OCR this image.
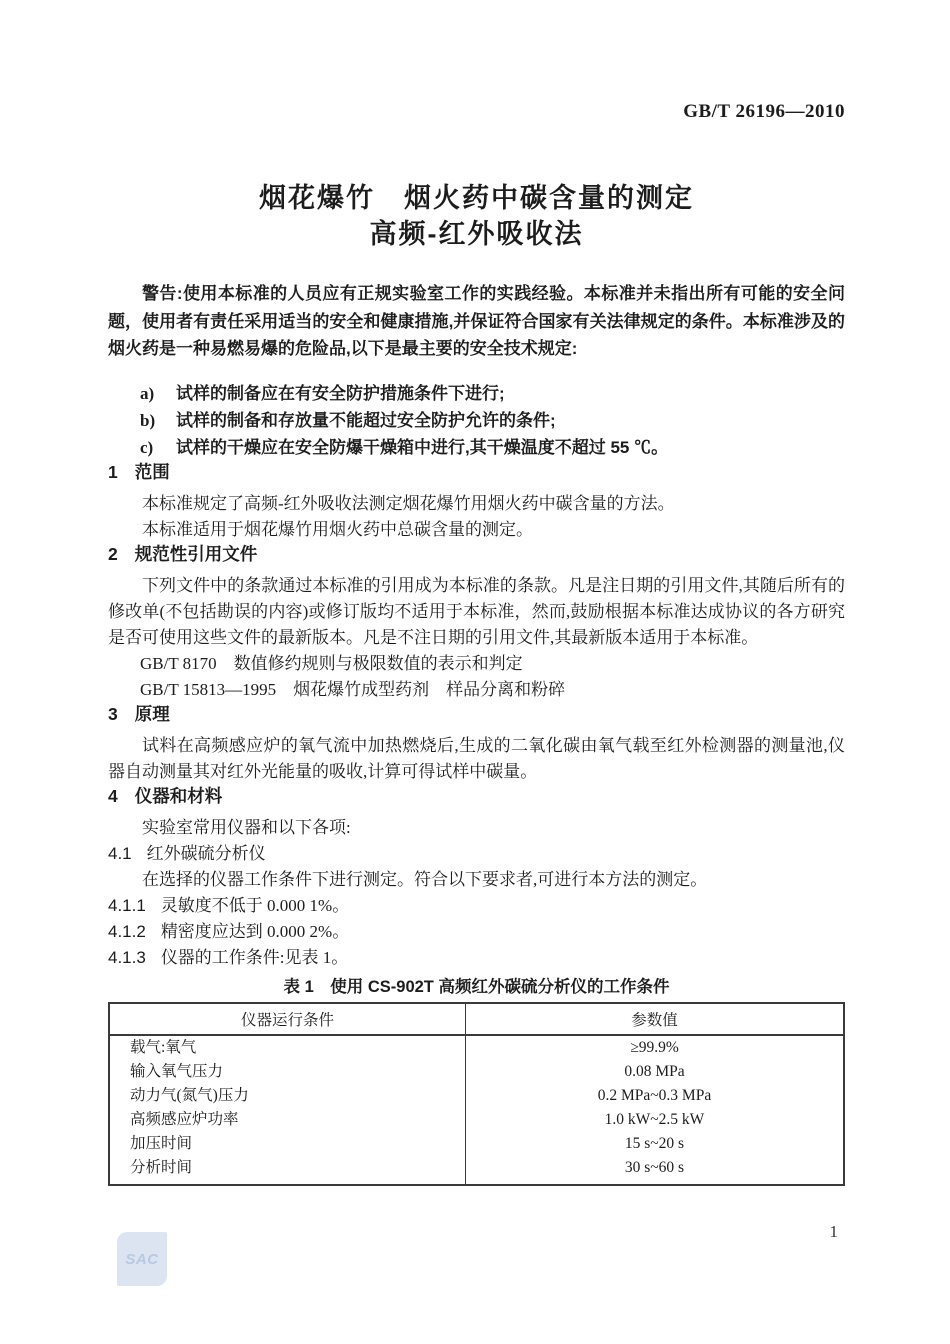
GB/T 26196—2010
烟花爆竹　烟火药中碳含量的测定
高频-红外吸收法

警告:使用本标准的人员应有正规实验室工作的实践经验。本标准并未指出所有可能的安全问题，使用者有责任采用适当的安全和健康措施,并保证符合国家有关法律规定的条件。本标准涉及的烟火药是一种易燃易爆的危险品,以下是最主要的安全技术规定:

a) 试样的制备应在有安全防护措施条件下进行;

b) 试样的制备和存放量不能超过安全防护允许的条件;

c) 试样的干燥应在安全防爆干燥箱中进行,其干燥温度不超过 55 ℃。

1 范围

本标准规定了高频-红外吸收法测定烟花爆竹用烟火药中碳含量的方法。

本标准适用于烟花爆竹用烟火药中总碳含量的测定。

2 规范性引用文件

下列文件中的条款通过本标准的引用成为本标准的条款。凡是注日期的引用文件,其随后所有的修改单(不包括勘误的内容)或修订版均不适用于本标准，然而,鼓励根据本标准达成协议的各方研究是否可使用这些文件的最新版本。凡是不注日期的引用文件,其最新版本适用于本标准。

GB/T 8170　数值修约规则与极限数值的表示和判定

GB/T 15813—1995　烟花爆竹成型药剂　样品分离和粉碎

3 原理

试料在高频感应炉的氧气流中加热燃烧后,生成的二氧化碳由氧气载至红外检测器的测量池,仪器自动测量其对红外光能量的吸收,计算可得试样中碳量。

4 仪器和材料

实验室常用仪器和以下各项:

4.1 红外碳硫分析仪

在选择的仪器工作条件下进行测定。符合以下要求者,可进行本方法的测定。

4.1.1 灵敏度不低于 0.000 1%。

4.1.2 精密度应达到 0.000 2%。

4.1.3 仪器的工作条件:见表 1。

表 1　使用 CS-902T 高频红外碳硫分析仪的工作条件
仪器运行条件	参数值
载气:氧气	≥99.9%
输入氧气压力	0.08 MPa
动力气(氮气)压力	0.2 MPa~0.3 MPa
高频感应炉功率	1.0 kW~2.5 kW
加压时间	15 s~20 s
分析时间	30 s~60 s
1
SAC
